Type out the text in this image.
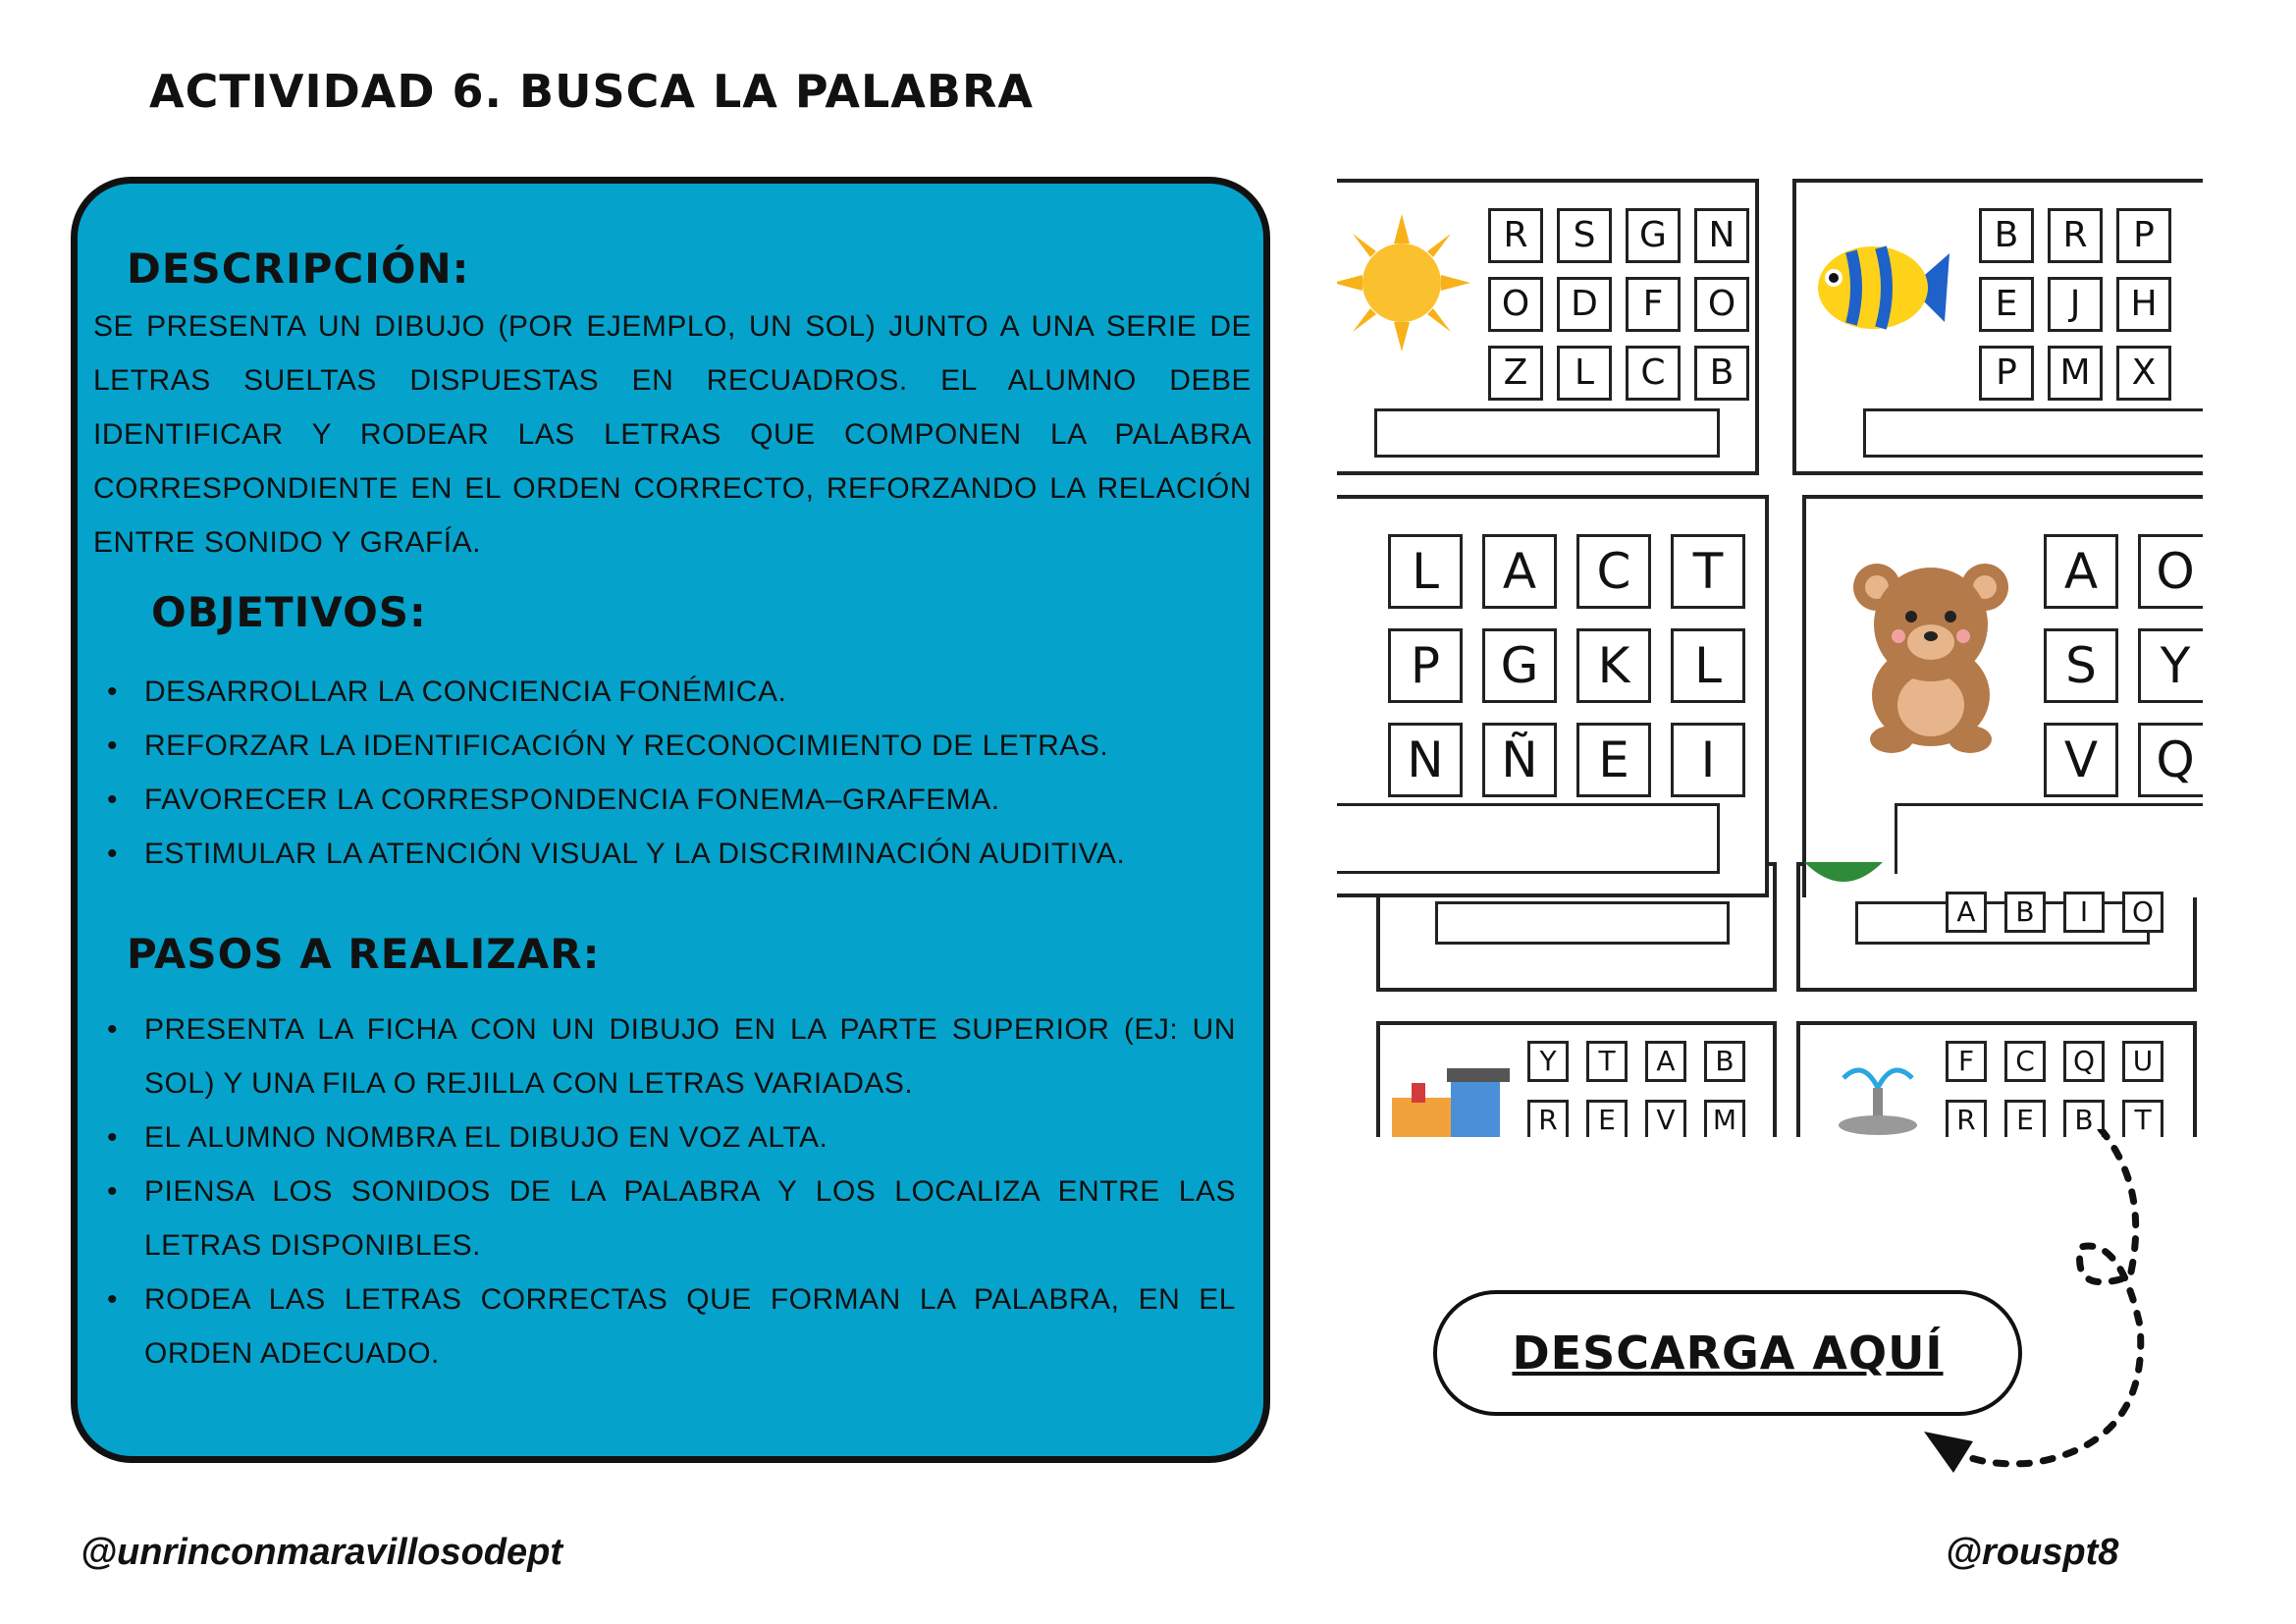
ACTIVIDAD 6. BUSCA LA PALABRA
DESCRIPCIÓN:

SE PRESENTA UN DIBUJO (POR EJEMPLO, UN SOL) JUNTO A UNA SERIE DE LETRAS SUELTAS DISPUESTAS EN RECUADROS. EL ALUMNO DEBE IDENTIFICAR Y RODEAR LAS LETRAS QUE COMPONEN LA PALABRA CORRESPONDIENTE EN EL ORDEN CORRECTO, REFORZANDO LA RELACIÓN ENTRE SONIDO Y GRAFÍA.

OBJETIVOS:
• DESARROLLAR LA CONCIENCIA FONÉMICA.
• REFORZAR LA IDENTIFICACIÓN Y RECONOCIMIENTO DE LETRAS.
• FAVORECER LA CORRESPONDENCIA FONEMA–GRAFEMA.
• ESTIMULAR LA ATENCIÓN VISUAL Y LA DISCRIMINACIÓN AUDITIVA.
PASOS A REALIZAR:
• PRESENTA LA FICHA CON UN DIBUJO EN LA PARTE SUPERIOR (EJ: UN SOL) Y UNA FILA O REJILLA CON LETRAS VARIADAS.
• EL ALUMNO NOMBRA EL DIBUJO EN VOZ ALTA.
• PIENSA LOS SONIDOS DE LA PALABRA Y LOS LOCALIZA ENTRE LAS LETRAS DISPONIBLES.
• RODEA LAS LETRAS CORRECTAS QUE FORMAN LA PALABRA, EN EL ORDEN ADECUADO.
R	S	G	N
O	D	F	O
Z	L	C	B
B	R	P
E	J	H
P	M	X
L	A	C	T
P	G	K	L
N	Ñ	E	I
A	O
S	Y
V	Q
A	B	I	O
Y	T	A	B
R	E	V	M
F	C	Q	U
R	E	B	T
DESCARGA AQUÍ

@unrinconmaravillosodept	@rouspt8
